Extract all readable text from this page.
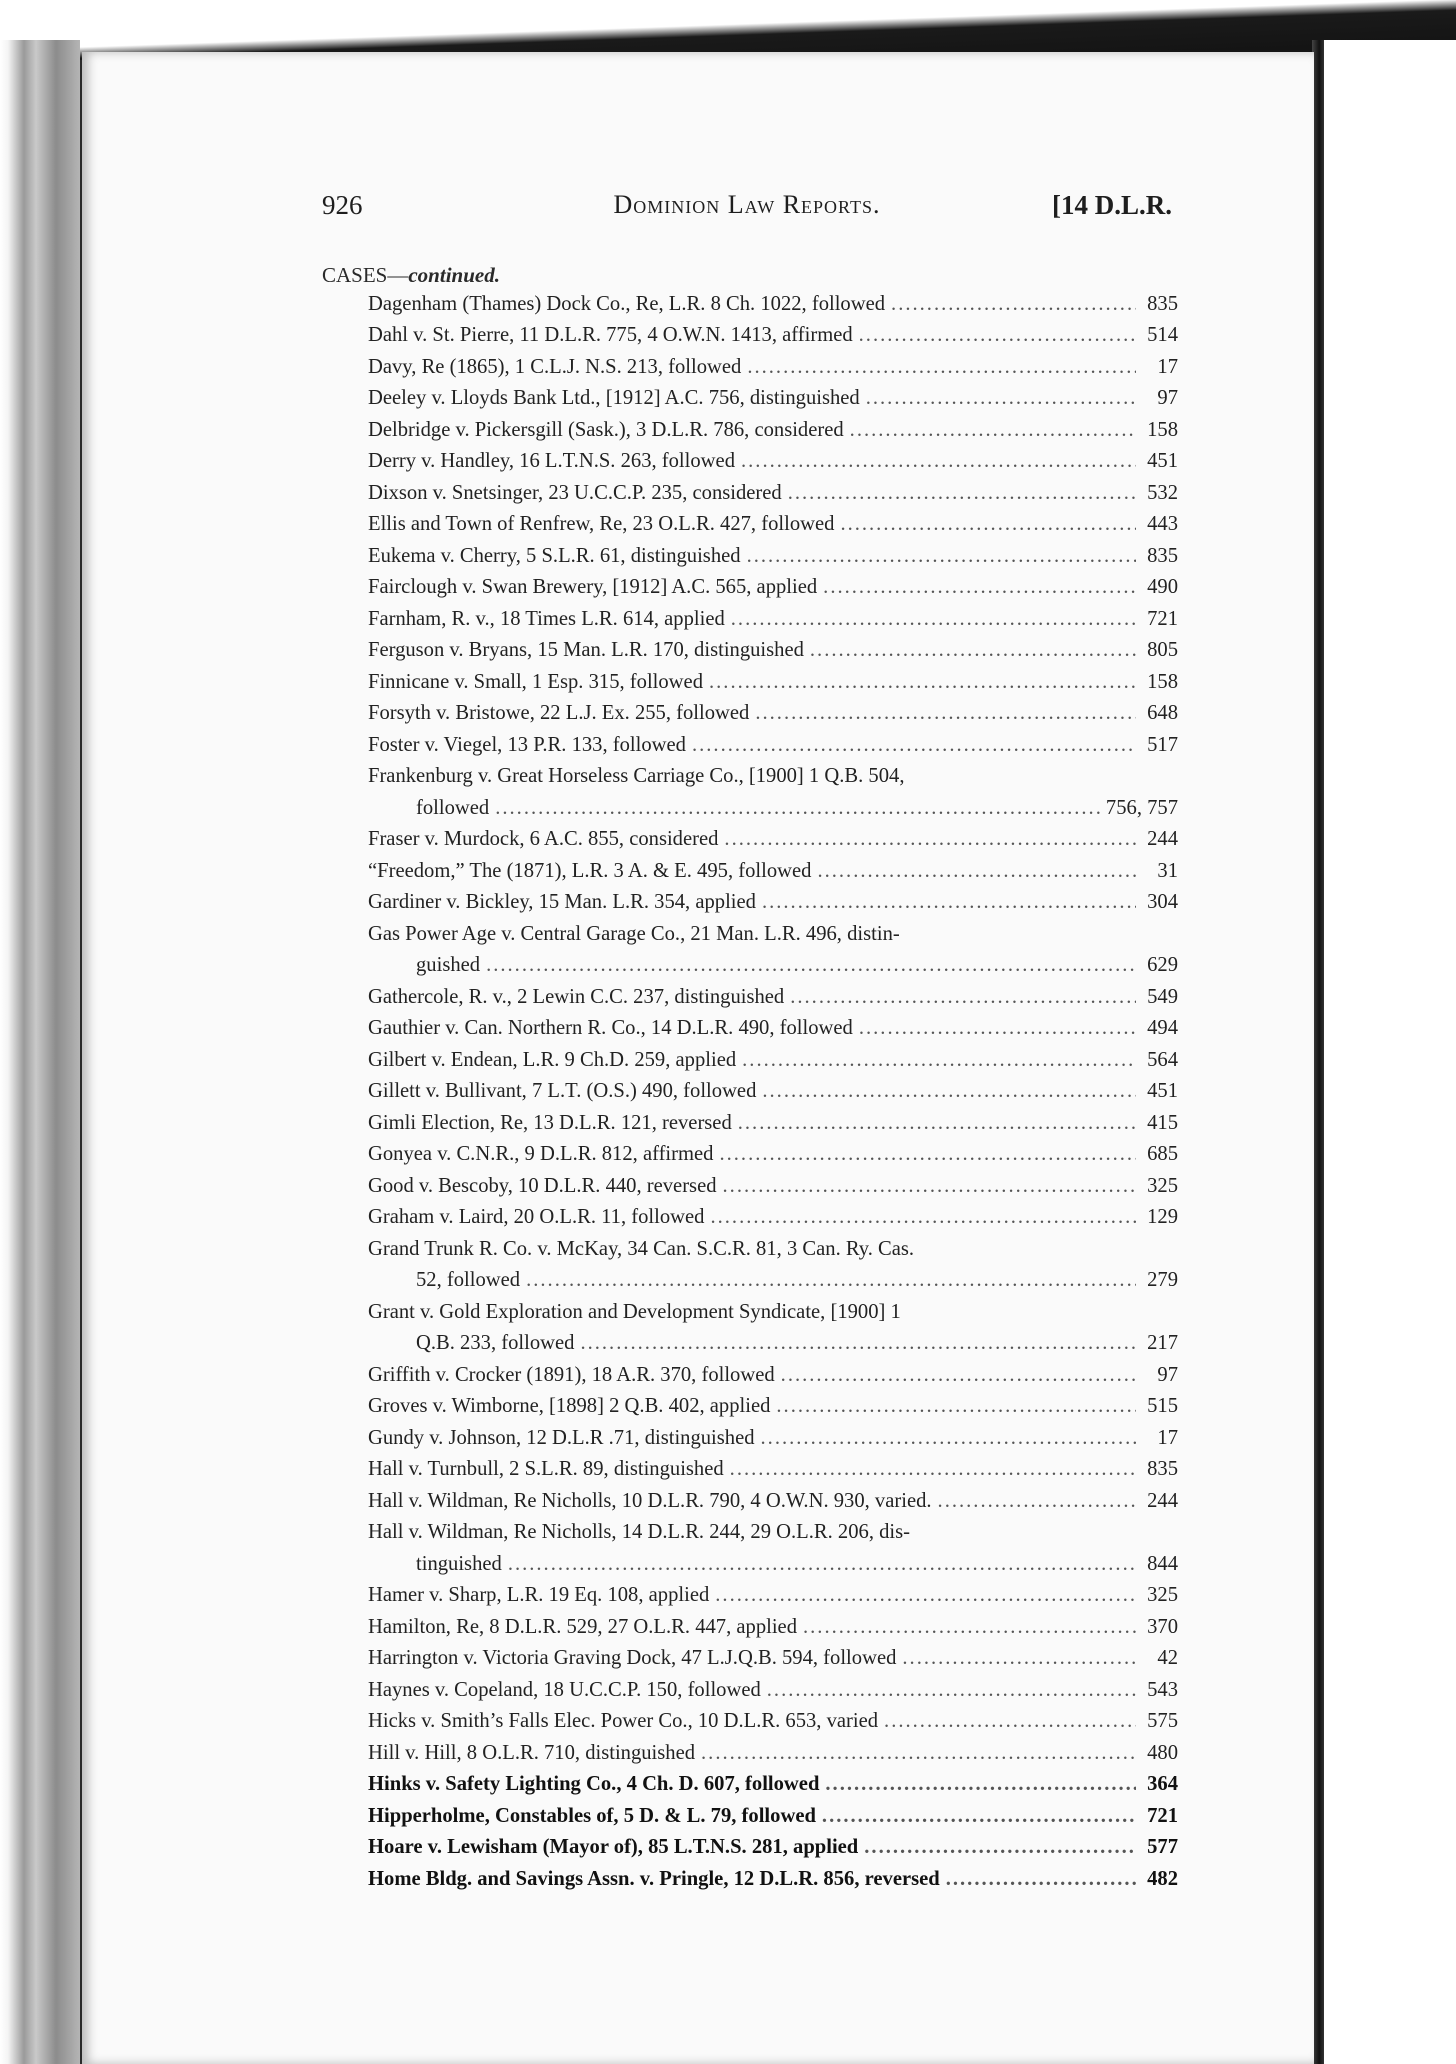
926	Dominion Law Reports.	[14 D.L.R.
CASES—continued.
Dagenham (Thames) Dock Co., Re, L.R. 8 Ch. 1022, followed .....	835
Dahl v. St. Pierre, 11 D.L.R. 775, 4 O.W.N. 1413, affirmed .....	514
Davy, Re (1865), 1 C.L.J. N.S. 213, followed .....	17
Deeley v. Lloyds Bank Ltd., [1912] A.C. 756, distinguished .....	97
Delbridge v. Pickersgill (Sask.), 3 D.L.R. 786, considered .....	158
Derry v. Handley, 16 L.T.N.S. 263, followed .....	451
Dixson v. Snetsinger, 23 U.C.C.P. 235, considered .....	532
Ellis and Town of Renfrew, Re, 23 O.L.R. 427, followed .....	443
Eukema v. Cherry, 5 S.L.R. 61, distinguished .....	835
Fairclough v. Swan Brewery, [1912] A.C. 565, applied .....	490
Farnham, R. v., 18 Times L.R. 614, applied .....	721
Ferguson v. Bryans, 15 Man. L.R. 170, distinguished .....	805
Finnicane v. Small, 1 Esp. 315, followed .....	158
Forsyth v. Bristowe, 22 L.J. Ex. 255, followed .....	648
Foster v. Viegel, 13 P.R. 133, followed .....	517
Frankenburg v. Great Horseless Carriage Co., [1900] 1 Q.B. 504,
followed .....	756, 757
Fraser v. Murdock, 6 A.C. 855, considered .....	244
“Freedom,” The (1871), L.R. 3 A. & E. 495, followed .....	31
Gardiner v. Bickley, 15 Man. L.R. 354, applied .....	304
Gas Power Age v. Central Garage Co., 21 Man. L.R. 496, distin-
guished .....	629
Gathercole, R. v., 2 Lewin C.C. 237, distinguished .....	549
Gauthier v. Can. Northern R. Co., 14 D.L.R. 490, followed .....	494
Gilbert v. Endean, L.R. 9 Ch.D. 259, applied .....	564
Gillett v. Bullivant, 7 L.T. (O.S.) 490, followed .....	451
Gimli Election, Re, 13 D.L.R. 121, reversed .....	415
Gonyea v. C.N.R., 9 D.L.R. 812, affirmed .....	685
Good v. Bescoby, 10 D.L.R. 440, reversed .....	325
Graham v. Laird, 20 O.L.R. 11, followed .....	129
Grand Trunk R. Co. v. McKay, 34 Can. S.C.R. 81, 3 Can. Ry. Cas.
52, followed .....	279
Grant v. Gold Exploration and Development Syndicate, [1900] 1
Q.B. 233, followed .....	217
Griffith v. Crocker (1891), 18 A.R. 370, followed .....	97
Groves v. Wimborne, [1898] 2 Q.B. 402, applied .....	515
Gundy v. Johnson, 12 D.L.R .71, distinguished .....	17
Hall v. Turnbull, 2 S.L.R. 89, distinguished .....	835
Hall v. Wildman, Re Nicholls, 10 D.L.R. 790, 4 O.W.N. 930, varied. .....	244
Hall v. Wildman, Re Nicholls, 14 D.L.R. 244, 29 O.L.R. 206, dis-
tinguished .....	844
Hamer v. Sharp, L.R. 19 Eq. 108, applied .....	325
Hamilton, Re, 8 D.L.R. 529, 27 O.L.R. 447, applied .....	370
Harrington v. Victoria Graving Dock, 47 L.J.Q.B. 594, followed .....	42
Haynes v. Copeland, 18 U.C.C.P. 150, followed .....	543
Hicks v. Smith’s Falls Elec. Power Co., 10 D.L.R. 653, varied .....	575
Hill v. Hill, 8 O.L.R. 710, distinguished .....	480
Hinks v. Safety Lighting Co., 4 Ch. D. 607, followed .....	364
Hipperholme, Constables of, 5 D. & L. 79, followed .....	721
Hoare v. Lewisham (Mayor of), 85 L.T.N.S. 281, applied .....	577
Home Bldg. and Savings Assn. v. Pringle, 12 D.L.R. 856, reversed .....	482
